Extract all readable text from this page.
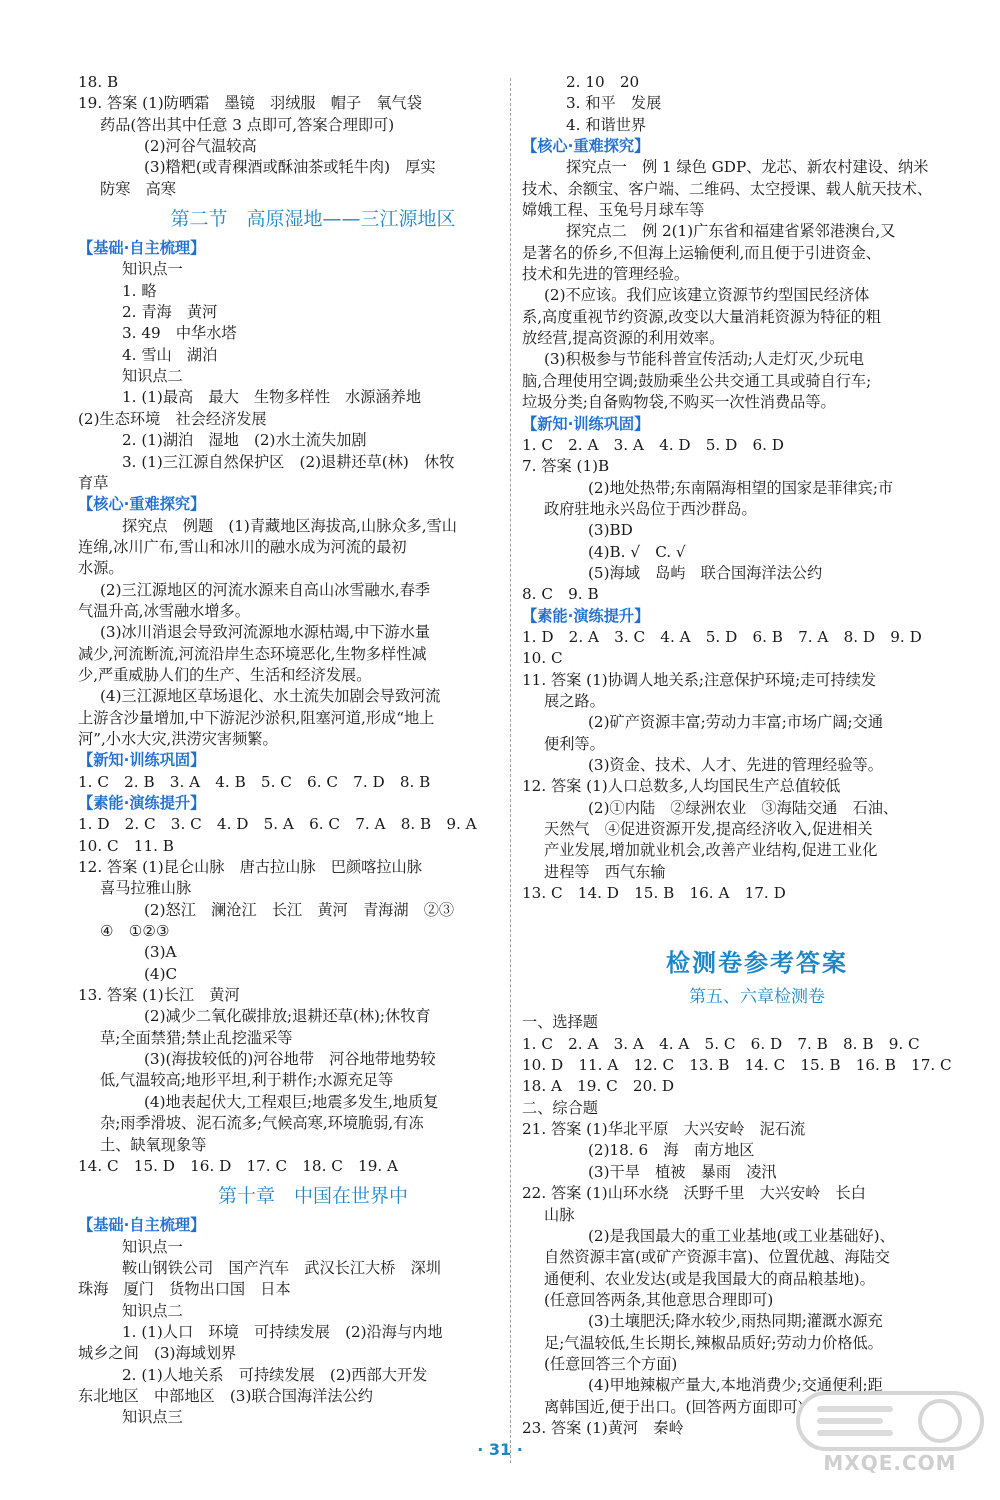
18. B
19. 答案 (1)防晒霜　墨镜　羽绒服　帽子　氧气袋
药品(答出其中任意 3 点即可,答案合理即可)
(2)河谷气温较高
(3)糌粑(或青稞酒或酥油茶或牦牛肉)　厚实
防寒　高寒
第二节　高原湿地——三江源地区
【 基础·自主梳理 】
知识点一
1. 略
2. 青海　黄河
3. 49　中华水塔
4. 雪山　湖泊
知识点二
1. (1)最高　最大　生物多样性　水源涵养地
(2)生态环境　社会经济发展
2. (1)湖泊　湿地　(2)水土流失加剧
3. (1)三江源自然保护区　(2)退耕还草(林)　休牧
育草
【 核心·重难探究 】
探究点　例题　(1)青藏地区海拔高,山脉众多,雪山
连绵,冰川广布,雪山和冰川的融水成为河流的最初
水源。
(2)三江源地区的河流水源来自高山冰雪融水,春季
气温升高,冰雪融水增多。
(3)冰川消退会导致河流源地水源枯竭,中下游水量
减少,河流断流,河流沿岸生态环境恶化,生物多样性减
少,严重威胁人们的生产、生活和经济发展。
(4)三江源地区草场退化、水土流失加剧会导致河流
上游含沙量增加,中下游泥沙淤积,阻塞河道,形成“地上
河”,小水大灾,洪涝灾害频繁。
【 新知·训练巩固 】
1. C　2. B　3. A　4. B　5. C　6. C　7. D　8. B
【 素能·演练提升 】
1. D　2. C　3. C　4. D　5. A　6. C　7. A　8. B　9. A
10. C　11. B
12. 答案 (1)昆仑山脉　唐古拉山脉　巴颜喀拉山脉
喜马拉雅山脉
(2)怒江　澜沧江　长江　黄河　青海湖　②③
④　①②③
(3)A
(4)C
13. 答案 (1)长江　黄河
(2)减少二氧化碳排放;退耕还草(林);休牧育
草;全面禁猎;禁止乱挖滥采等
(3)(海拔较低的)河谷地带　河谷地带地势较
低,气温较高;地形平坦,利于耕作;水源充足等
(4)地表起伏大,工程艰巨;地震多发生,地质复
杂;雨季滑坡、泥石流多;气候高寒,环境脆弱,有冻
土、缺氧现象等
14. C　15. D　16. D　17. C　18. C　19. A
第十章　中国在世界中
【 基础·自主梳理 】
知识点一
鞍山钢铁公司　国产汽车　武汉长江大桥　深圳
珠海　厦门　货物出口国　日本
知识点二
1. (1)人口　环境　可持续发展　(2)沿海与内地
城乡之间　(3)海域划界
2. (1)人地关系　可持续发展　(2)西部大开发
东北地区　中部地区　(3)联合国海洋法公约
知识点三
2. 10　20
3. 和平　发展
4. 和谐世界
【 核心·重难探究 】
探究点一　例 1 绿色 GDP、龙芯、新农村建设、纳米
技术、余额宝、客户端、二维码、太空授课、载人航天技术、
嫦娥工程、玉兔号月球车等
探究点二　例 2(1)广东省和福建省紧邻港澳台,又
是著名的侨乡,不但海上运输便利,而且便于引进资金、
技术和先进的管理经验。
(2)不应该。我们应该建立资源节约型国民经济体
系,高度重视节约资源,改变以大量消耗资源为特征的粗
放经营,提高资源的利用效率。
(3)积极参与节能科普宣传活动;人走灯灭,少玩电
脑,合理使用空调;鼓励乘坐公共交通工具或骑自行车;
垃圾分类;自备购物袋,不购买一次性消费品等。
【 新知·训练巩固 】
1. C　2. A　3. A　4. D　5. D　6. D
7. 答案 (1)B
(2)地处热带;东南隔海相望的国家是菲律宾;市
政府驻地永兴岛位于西沙群岛。
(3)BD
(4)B. √　C. √
(5)海域　岛屿　联合国海洋法公约
8. C　9. B
【 素能·演练提升 】
1. D　2. A　3. C　4. A　5. D　6. B　7. A　8. D　9. D
10. C
11. 答案 (1)协调人地关系;注意保护环境;走可持续发
展之路。
(2)矿产资源丰富;劳动力丰富;市场广阔;交通
便利等。
(3)资金、技术、人才、先进的管理经验等。
12. 答案 (1)人口总数多,人均国民生产总值较低
(2)①内陆　②绿洲农业　③海陆交通　石油、
天然气　④促进资源开发,提高经济收入,促进相关
产业发展,增加就业机会,改善产业结构,促进工业化
进程等　西气东输
13. C　14. D　15. B　16. A　17. D
检测卷参考答案
第五、六章检测卷
一、选择题
1. C　2. A　3. A　4. A　5. C　6. D　7. B　8. B　9. C
10. D　11. A　12. C　13. B　14. C　15. B　16. B　17. C
18. A　19. C　20. D
二、综合题
21. 答案 (1)华北平原　大兴安岭　泥石流
(2)18. 6　海　南方地区
(3)干旱　植被　暴雨　凌汛
22. 答案 (1)山环水绕　沃野千里　大兴安岭　长白
山脉
(2)是我国最大的重工业基地(或工业基础好)、
自然资源丰富(或矿产资源丰富)、位置优越、海陆交
通便利、农业发达(或是我国最大的商品粮基地)。
(任意回答两条,其他意思合理即可)
(3)土壤肥沃;降水较少,雨热同期;灌溉水源充
足;气温较低,生长期长,辣椒品质好;劳动力价格低。
(任意回答三个方面)
(4)甲地辣椒产量大,本地消费少;交通便利;距
离韩国近,便于出口。(回答两方面即可)
23. 答案 (1)黄河　秦岭
· 31 ·
MXQE.COM
